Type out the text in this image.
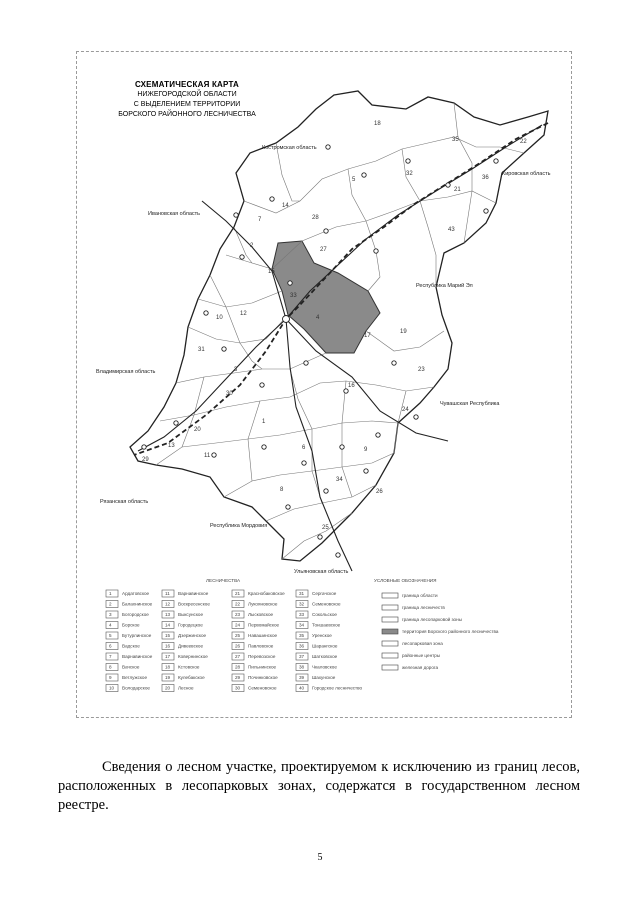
Костромская область
Ивановская область
Владимирская область
Кировская область
Республика Марий Эл
Чувашская Республика
Рязанская область
Республика Мордовия
Ульяновская область
18
35	22
5
32
21
14
7
36
43
28
2
27
15
33
4
17
19
12
10
3
31
24
16
1
30
20
29
11
25
6	9
34
8	26
13
23
ЛЕСНИЧЕСТВА	УСЛОВНЫЕ ОБОЗНАЧЕНИЯ
1 Ардатовское
2 Балахнинское
3 Богородское
4 Борское
5 Бутурлинское
6 Вадское
7 Варнавинское
8 Вачское
9 Ветлужское
10 Володарское
11 Варнавинское
12 Воскресенское
13 Выксунское
14 Городецкое
15 Дзержинское
16 Дивеевское
17 Ковернинское
18 Кстовское
19 Кулебакское
20 Лесное
21 Краснобаковское
22 Лукояновское
23 Лысковское
24 Первомайское
25 Навашинское
26 Павловское
27 Перевозское
28 Пильнинское
29 Починковское
30 Семеновское
31 Сергачское
32 Семеновское
33 Сокольское
34 Тоншаевское
35 Уренское
36 Шарангское
37 Шатковское
38 Чкаловское
39 Шахунское
40 Городское лесничество
граница области
граница лесничеств
граница лесопарковой зоны
территория Борского районного лесничества
лесопарковая зона
районные центры
железная дорога
СХЕМАТИЧЕСКАЯ КАРТА
НИЖЕГОРОДСКОЙ ОБЛАСТИ
С ВЫДЕЛЕНИЕМ ТЕРРИТОРИИ
БОРСКОГО РАЙОННОГО ЛЕСНИЧЕСТВА

Сведения о лесном участке, проектируемом к исключению из границ лесов, расположенных в лесопарковых зонах, содержатся в государственном лесном реестре.

5
